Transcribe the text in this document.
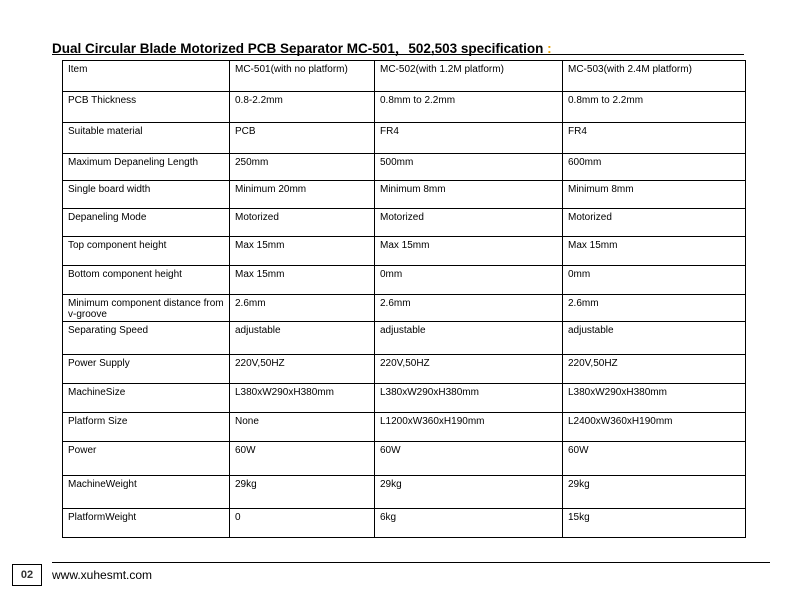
Dual Circular Blade Motorized PCB Separator MC-501，502,503 specification :
Item	MC-501(with no platform)	MC-502(with 1.2M platform)	MC-503(with 2.4M platform)
PCB Thickness	0.8-2.2mm	0.8mm to 2.2mm	0.8mm to 2.2mm
Suitable material	PCB	FR4	FR4
Maximum Depaneling Length	250mm	500mm	600mm
Single board width	Minimum 20mm	Minimum 8mm	Minimum 8mm
Depaneling Mode	Motorized	Motorized	Motorized
Top component height	Max 15mm	Max 15mm	Max 15mm
Bottom component height	Max 15mm	0mm	0mm
Minimum component distance from v-groove	2.6mm	2.6mm	2.6mm
Separating Speed	adjustable	adjustable	adjustable
Power Supply	220V,50HZ	220V,50HZ	220V,50HZ
MachineSize	L380xW290xH380mm	L380xW290xH380mm	L380xW290xH380mm
Platform Size	None	L1200xW360xH190mm	L2400xW360xH190mm
Power	60W	60W	60W
MachineWeight	29kg	29kg	29kg
PlatformWeight	0	6kg	15kg
02	www.xuhesmt.com
